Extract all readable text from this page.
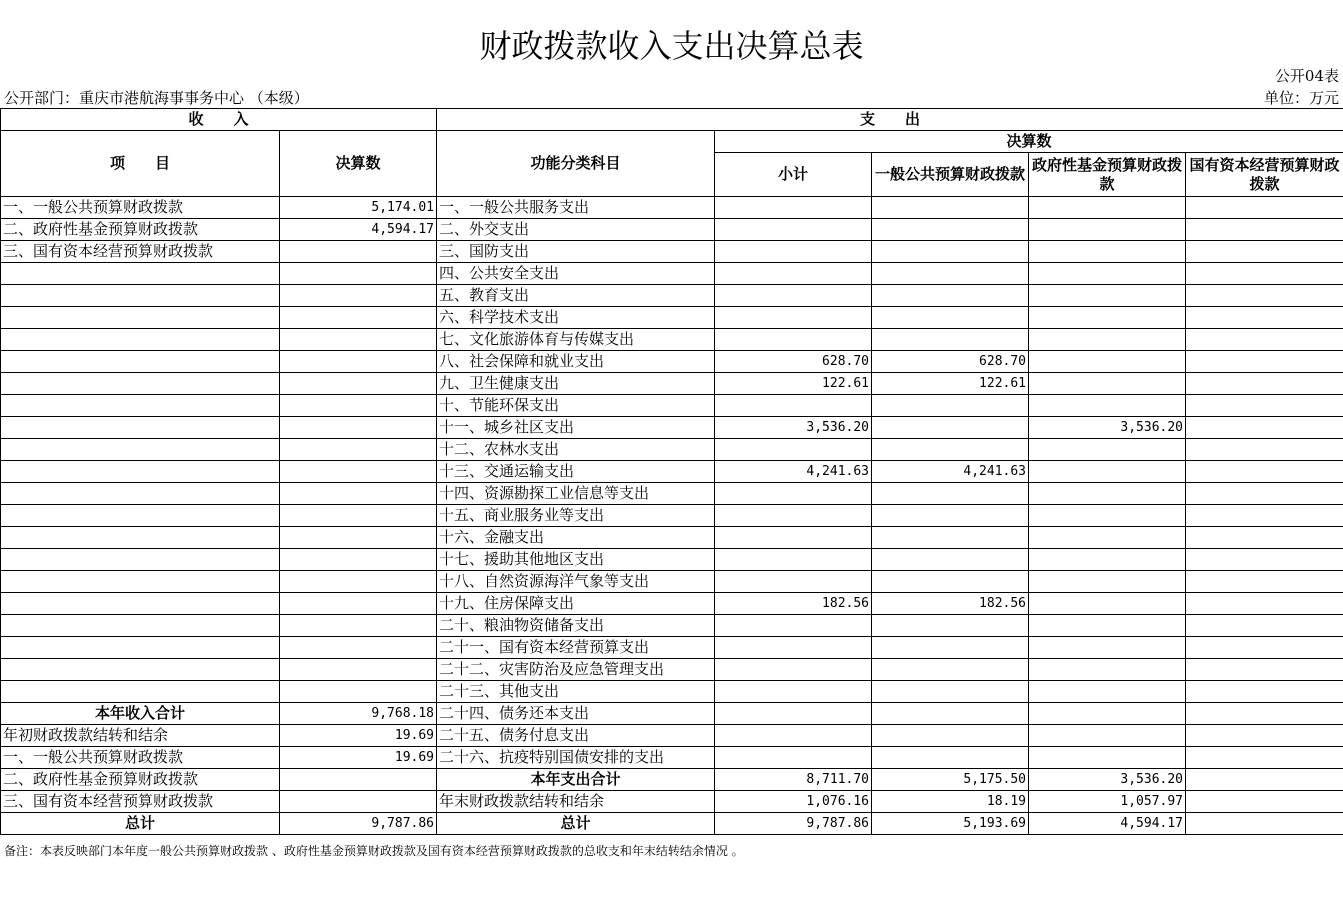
财政拨款收入支出决算总表
公开04表
公开部门：重庆市港航海事事务中心 （本级）	单位：万元
收　　入		支　　出				
项　　目	决算数	功能分类科目	决算数			
			小计	一般公共预算财政拨款	政府性基金预算财政拨款	国有资本经营预算财政拨款

一、一般公共预算财政拨款	5,174.01	一、一般公共服务支出				
二、政府性基金预算财政拨款	4,594.17	二、外交支出				
三、国有资本经营预算财政拨款		三、国防支出				
		四、公共安全支出				
		五、教育支出				
		六、科学技术支出				
		七、文化旅游体育与传媒支出				
		八、社会保障和就业支出	628.70	628.70		
		九、卫生健康支出	122.61	122.61		
		十、节能环保支出				
		十一、城乡社区支出	3,536.20		3,536.20	
		十二、农林水支出				
		十三、交通运输支出	4,241.63	4,241.63		
		十四、资源勘探工业信息等支出				
		十五、商业服务业等支出				
		十六、金融支出				
		十七、援助其他地区支出				
		十八、自然资源海洋气象等支出				
		十九、住房保障支出	182.56	182.56		
		二十、粮油物资储备支出				
		二十一、国有资本经营预算支出				
		二十二、灾害防治及应急管理支出				
		二十三、其他支出				
本年收入合计	9,768.18	二十四、债务还本支出				
年初财政拨款结转和结余	19.69	二十五、债务付息支出				
一、一般公共预算财政拨款	19.69	二十六、抗疫特别国债安排的支出				
二、政府性基金预算财政拨款		本年支出合计	8,711.70	5,175.50	3,536.20	
三、国有资本经营预算财政拨款		年末财政拨款结转和结余	1,076.16	18.19	1,057.97	
总计	9,787.86	总计	9,787.86	5,193.69	4,594.17	
备注：本表反映部门本年度一般公共预算财政拨款 、政府性基金预算财政拨款及国有资本经营预算财政拨款的总收支和年末结转结余情况 。
